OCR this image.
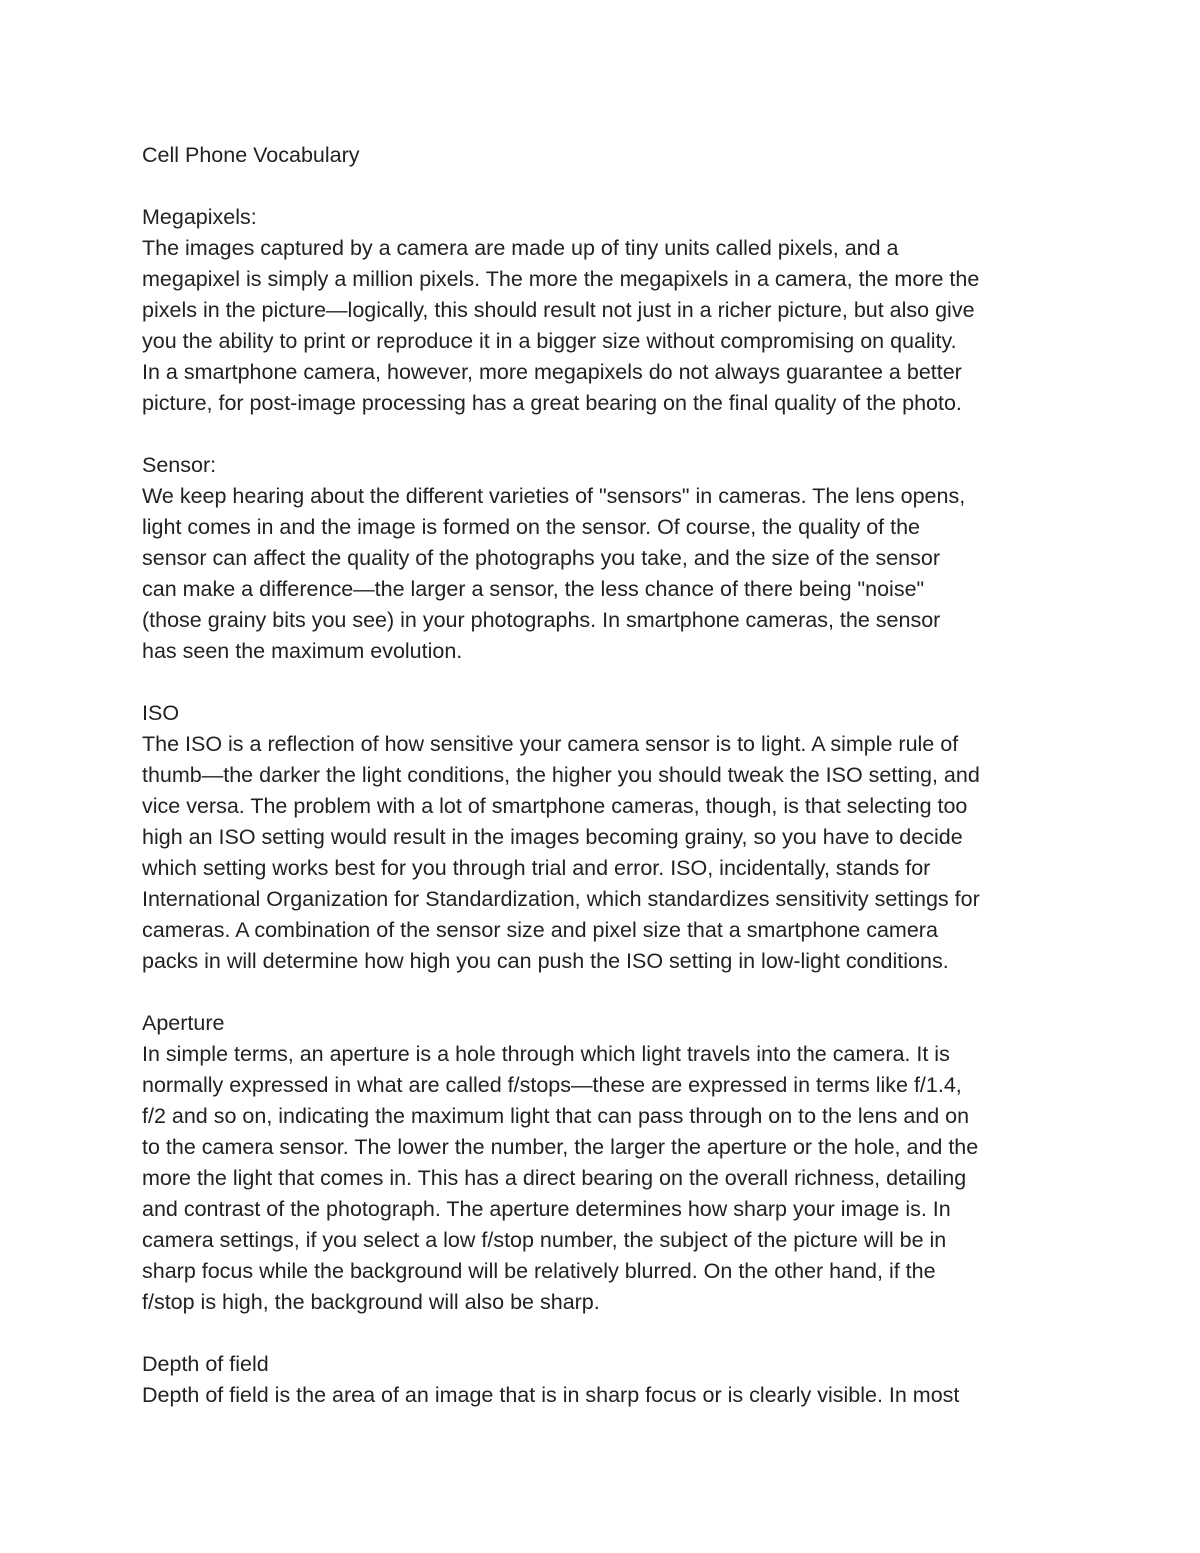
Cell Phone Vocabulary
Megapixels:
The images captured by a camera are made up of tiny units called pixels, and a
megapixel is simply a million pixels. The more the megapixels in a camera, the more the
pixels in the picture—logically, this should result not just in a richer picture, but also give
you the ability to print or reproduce it in a bigger size without compromising on quality.
In a smartphone camera, however, more megapixels do not always guarantee a better
picture, for post-image processing has a great bearing on the final quality of the photo.
Sensor:
We keep hearing about the different varieties of "sensors" in cameras. The lens opens,
light comes in and the image is formed on the sensor. Of course, the quality of the
sensor can affect the quality of the photographs you take, and the size of the sensor
can make a difference—the larger a sensor, the less chance of there being "noise"
(those grainy bits you see) in your photographs. In smartphone cameras, the sensor
has seen the maximum evolution.
ISO
The ISO is a reflection of how sensitive your camera sensor is to light. A simple rule of
thumb—the darker the light conditions, the higher you should tweak the ISO setting, and
vice versa. The problem with a lot of smartphone cameras, though, is that selecting too
high an ISO setting would result in the images becoming grainy, so you have to decide
which setting works best for you through trial and error. ISO, incidentally, stands for
International Organization for Standardization, which standardizes sensitivity settings for
cameras. A combination of the sensor size and pixel size that a smartphone camera
packs in will determine how high you can push the ISO setting in low-light conditions.
Aperture
In simple terms, an aperture is a hole through which light travels into the camera. It is
normally expressed in what are called f/stops—these are expressed in terms like f/1.4,
f/2 and so on, indicating the maximum light that can pass through on to the lens and on
to the camera sensor. The lower the number, the larger the aperture or the hole, and the
more the light that comes in. This has a direct bearing on the overall richness, detailing
and contrast of the photograph. The aperture determines how sharp your image is. In
camera settings, if you select a low f/stop number, the subject of the picture will be in
sharp focus while the background will be relatively blurred. On the other hand, if the
f/stop is high, the background will also be sharp.
Depth of field
Depth of field is the area of an image that is in sharp focus or is clearly visible. In most
